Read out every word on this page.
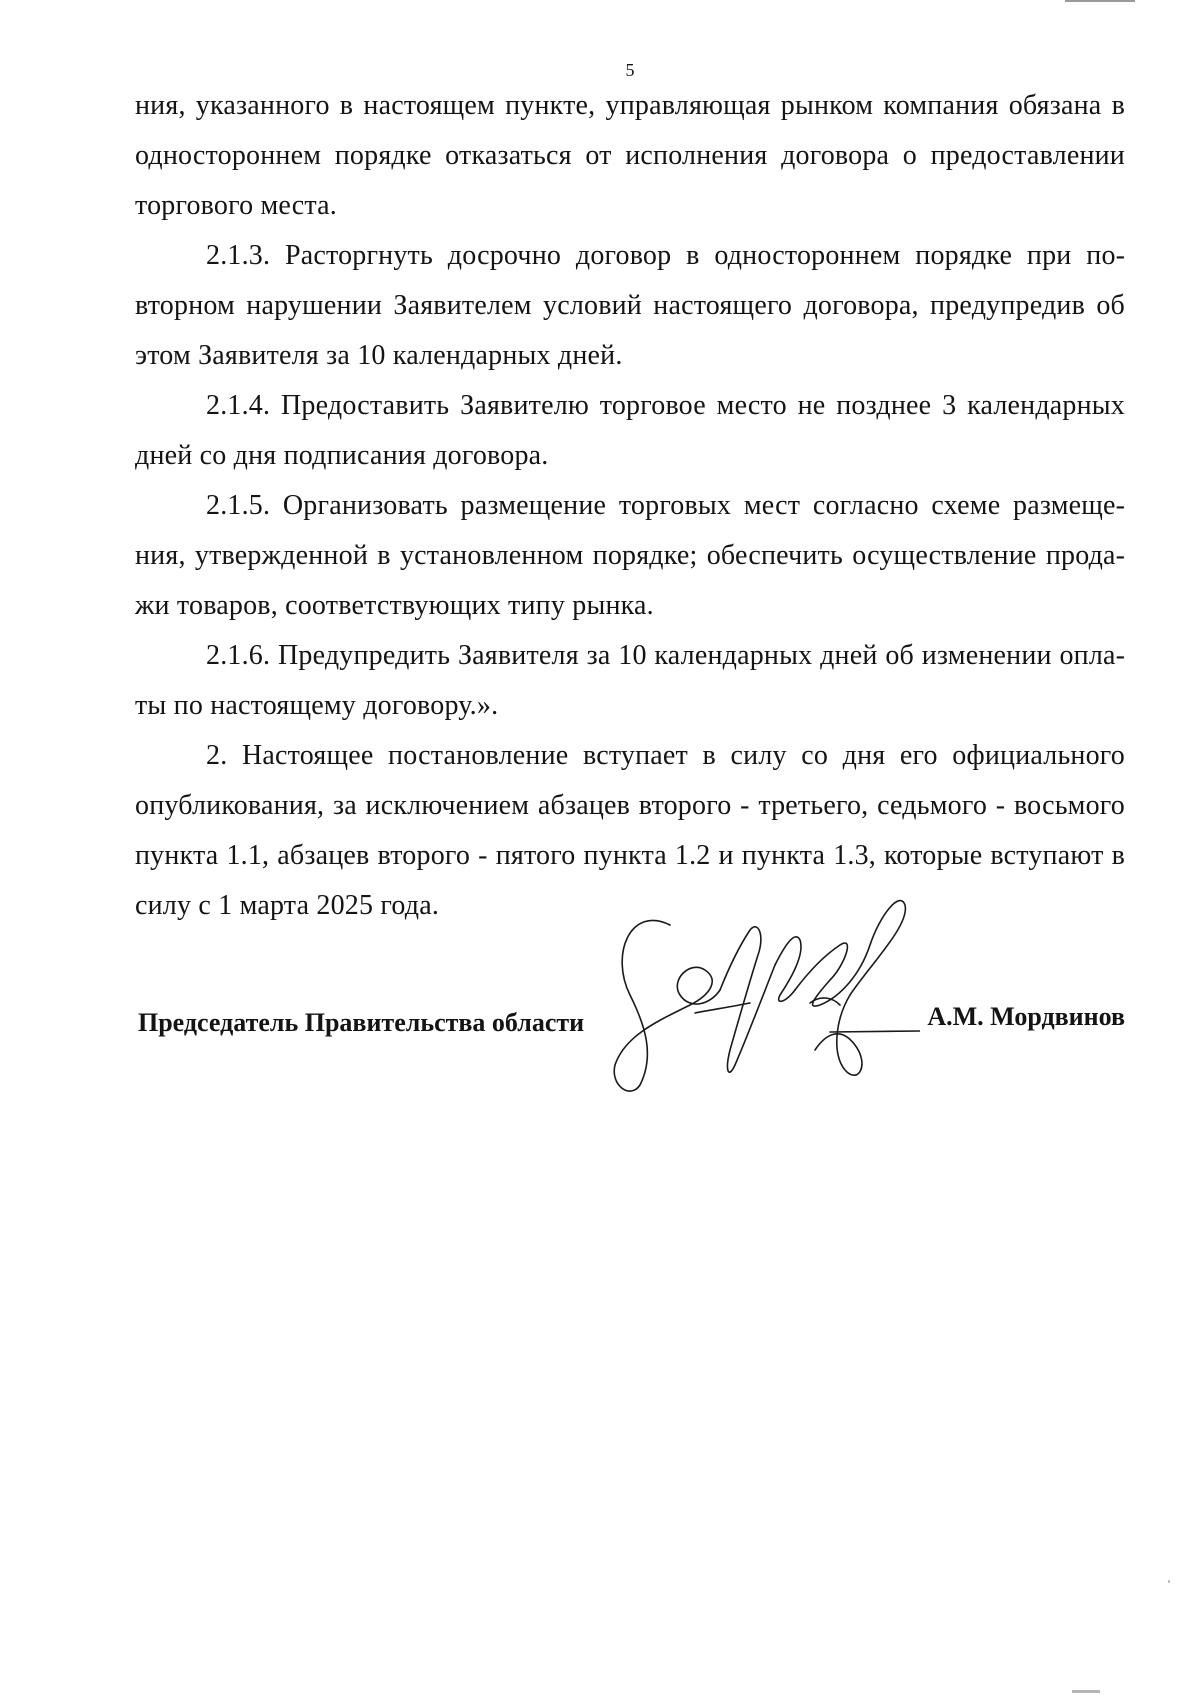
5

ния, указанного в настоящем пункте, управляющая рынком компания обязана в одностороннем порядке отказаться от исполнения договора о предоставлении торгового места.

2.1.3. Расторгнуть досрочно договор в одностороннем порядке при повторном нарушении Заявителем условий настоящего договора, предупредив об этом Заявителя за 10 календарных дней.

2.1.4. Предоставить Заявителю торговое место не позднее 3 календарных дней со дня подписания договора.

2.1.5. Организовать размещение торговых мест согласно схеме размещения, утвержденной в установленном порядке; обеспечить осуществление продажи товаров, соответствующих типу рынка.

2.1.6. Предупредить Заявителя за 10 календарных дней об изменении оплаты по настоящему договору.».

2. Настоящее постановление вступает в силу со дня его официального опубликования, за исключением абзацев второго - третьего, седьмого - восьмого пункта 1.1, абзацев второго - пятого пункта 1.2 и пункта 1.3, которые вступают в силу с 1 марта 2025 года.

Председатель Правительства области	А.М. Мордвинов
